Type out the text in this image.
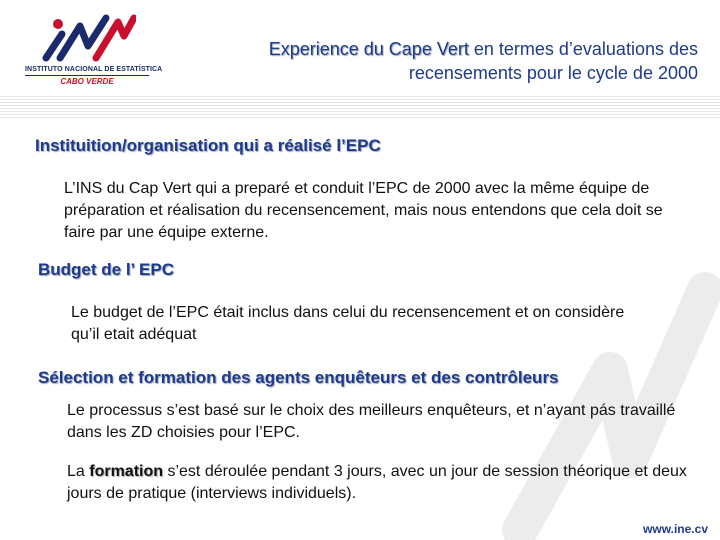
INSTITUTO NACIONAL DE ESTATÍSTICA
CABO VERDE
Experience du Cape Vert en termes d’evaluations des
recensements pour le cycle de 2000
Instituition/organisation qui a réalisé l’EPC
L’INS du Cap Vert qui a preparé et conduit l’EPC de 2000 avec la même équipe de préparation et réalisation du recensencement, mais nous entendons que cela doit se faire par une équipe externe.
Budget de l’ EPC
Le budget de l’EPC était inclus dans celui du recensencement et on considère qu’il etait adéquat
Sélection et formation des agents enquêteurs et des contrôleurs
Le processus s’est basé sur le choix des meilleurs enquêteurs, et n’ayant pás travaillé dans les ZD choisies pour l’EPC.
La formation s’est déroulée pendant 3 jours, avec un jour de session théorique et deux jours de pratique (interviews individuels).
www.ine.cv
